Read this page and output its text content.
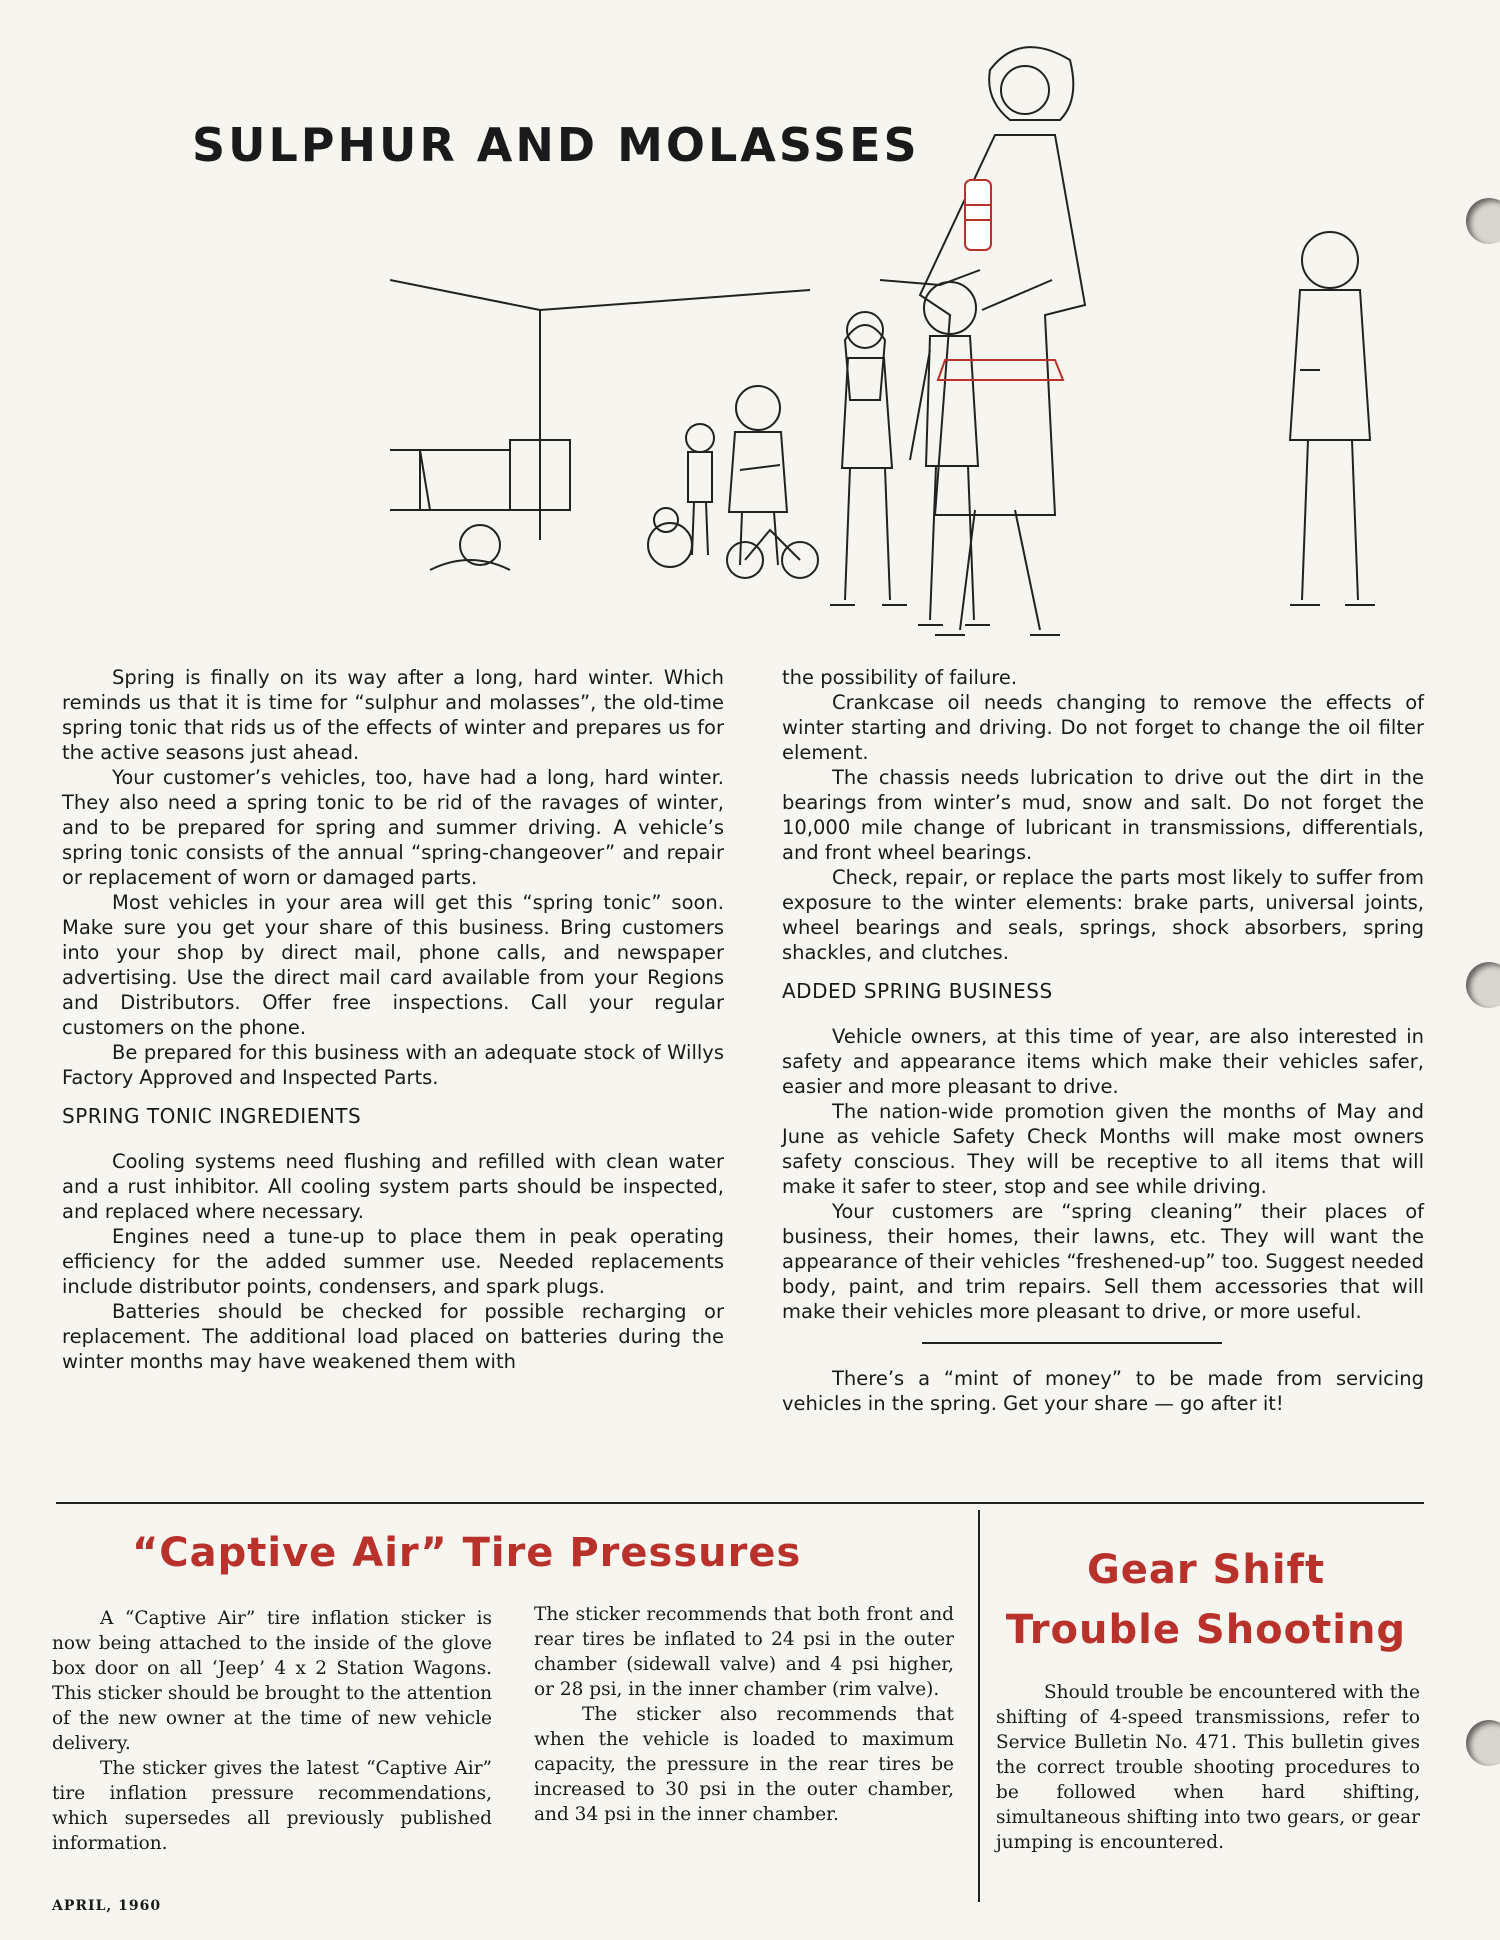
SULPHUR AND MOLASSES

Spring is finally on its way after a long, hard winter. Which reminds us that it is time for “sulphur and molasses”, the old-time spring tonic that rids us of the effects of winter and prepares us for the active seasons just ahead.

Your customer’s vehicles, too, have had a long, hard winter. They also need a spring tonic to be rid of the ravages of winter, and to be prepared for spring and summer driving. A vehicle’s spring tonic consists of the annual “spring-changeover” and repair or replacement of worn or damaged parts.

Most vehicles in your area will get this “spring tonic” soon. Make sure you get your share of this business. Bring customers into your shop by direct mail, phone calls, and newspaper advertising. Use the direct mail card available from your Regions and Distributors. Offer free inspections. Call your regular customers on the phone.

Be prepared for this business with an adequate stock of Willys Factory Approved and Inspected Parts.

SPRING TONIC INGREDIENTS

Cooling systems need flushing and refilled with clean water and a rust inhibitor. All cooling system parts should be inspected, and replaced where necessary.

Engines need a tune-up to place them in peak operating efficiency for the added summer use. Needed replacements include distributor points, condensers, and spark plugs.

Batteries should be checked for possible recharging or replacement. The additional load placed on batteries during the winter months may have weakened them with

the possibility of failure.

Crankcase oil needs changing to remove the effects of winter starting and driving. Do not forget to change the oil filter element.

The chassis needs lubrication to drive out the dirt in the bearings from winter’s mud, snow and salt. Do not forget the 10,000 mile change of lubricant in transmissions, differentials, and front wheel bearings.

Check, repair, or replace the parts most likely to suffer from exposure to the winter elements: brake parts, universal joints, wheel bearings and seals, springs, shock absorbers, spring shackles, and clutches.

ADDED SPRING BUSINESS

Vehicle owners, at this time of year, are also interested in safety and appearance items which make their vehicles safer, easier and more pleasant to drive.

The nation-wide promotion given the months of May and June as vehicle Safety Check Months will make most owners safety conscious. They will be receptive to all items that will make it safer to steer, stop and see while driving.

Your customers are “spring cleaning” their places of business, their homes, their lawns, etc. They will want the appearance of their vehicles “freshened-up” too. Suggest needed body, paint, and trim repairs. Sell them accessories that will make their vehicles more pleasant to drive, or more useful.

There’s a “mint of money” to be made from servicing vehicles in the spring. Get your share — go after it!

“Captive Air” Tire Pressures

A “Captive Air” tire inflation sticker is now being attached to the inside of the glove box door on all ‘Jeep’ 4 x 2 Station Wagons. This sticker should be brought to the attention of the new owner at the time of new vehicle delivery.

The sticker gives the latest “Captive Air” tire inflation pressure recommendations, which supersedes all previously published information.

The sticker recommends that both front and rear tires be inflated to 24 psi in the outer chamber (sidewall valve) and 4 psi higher, or 28 psi, in the inner chamber (rim valve).

The sticker also recommends that when the vehicle is loaded to maximum capacity, the pressure in the rear tires be increased to 30 psi in the outer chamber, and 34 psi in the inner chamber.

Gear Shift
Trouble Shooting

Should trouble be encountered with the shifting of 4-speed transmissions, refer to Service Bulletin No. 471. This bulletin gives the correct trouble shooting procedures to be followed when hard shifting, simultaneous shifting into two gears, or gear jumping is encountered.

APRIL, 1960
